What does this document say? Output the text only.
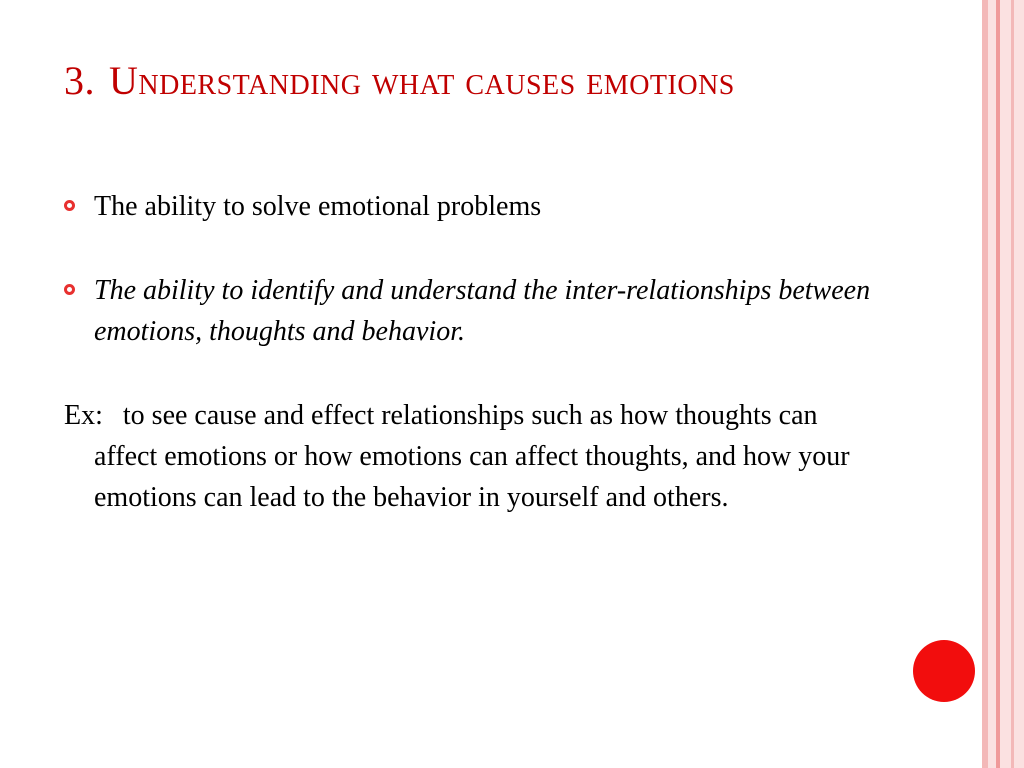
3. Understanding what causes emotions
The ability to solve emotional problems
The ability to identify and understand the inter-relationships between emotions, thoughts and behavior.
Ex: to see cause and effect relationships such as how thoughts can affect emotions or how emotions can affect thoughts, and how your emotions can lead to the behavior in yourself and others.
